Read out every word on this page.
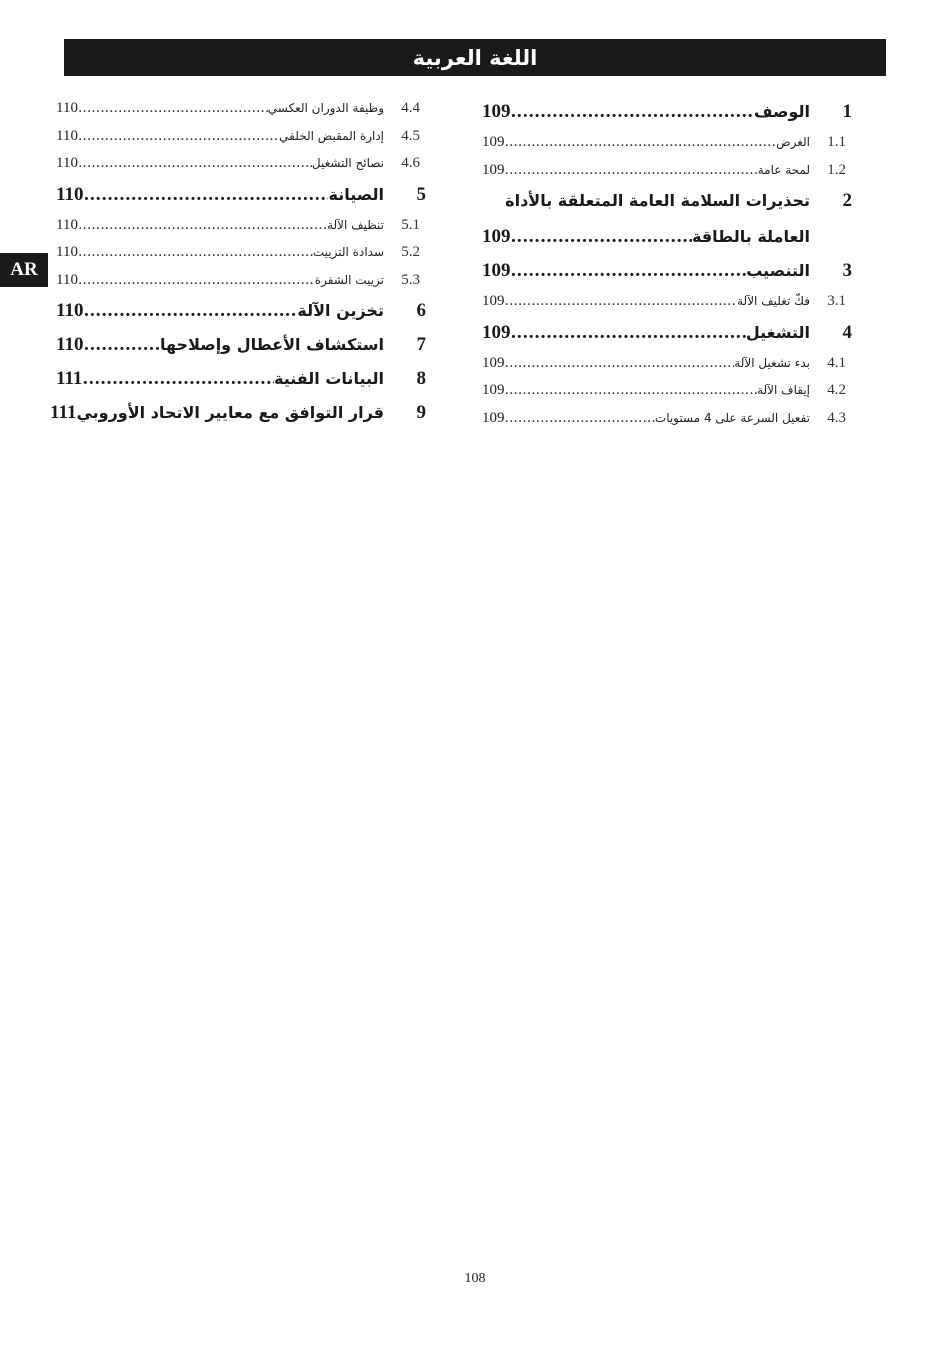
اللغة العربية
AR
1
الوصف
.....
109
1.1
الغرض
.....
109
1.2
لمحة عامة
.....
109
2
تحذيرات السلامة العامة المتعلقة بالأداة
العاملة بالطاقة
.....
109
3
التنصيب
.....
109
3.1
فكّ تغليف الآلة
.....
109
4
التشغيل
.....
109
4.1
بدء تشغيل الآلة
.....
109
4.2
إيقاف الآلة
.....
109
4.3
تفعيل السرعة على 4 مستويات
.....
109
4.4
وظيفة الدوران العكسي
.....
110
4.5
إدارة المقبض الخلفي
.....
110
4.6
نصائح التشغيل
.....
110
5
الصيانة
.....
110
5.1
تنظيف الآلة
.....
110
5.2
سدادة التزييت
.....
110
5.3
تزييت الشفرة
.....
110
6
تخزين الآلة
.....
110
7
استكشاف الأعطال وإصلاحها
.....
110
8
البيانات الفنية
.....
111
9
قرار التوافق مع معايير الاتحاد الأوروبي
111
108
